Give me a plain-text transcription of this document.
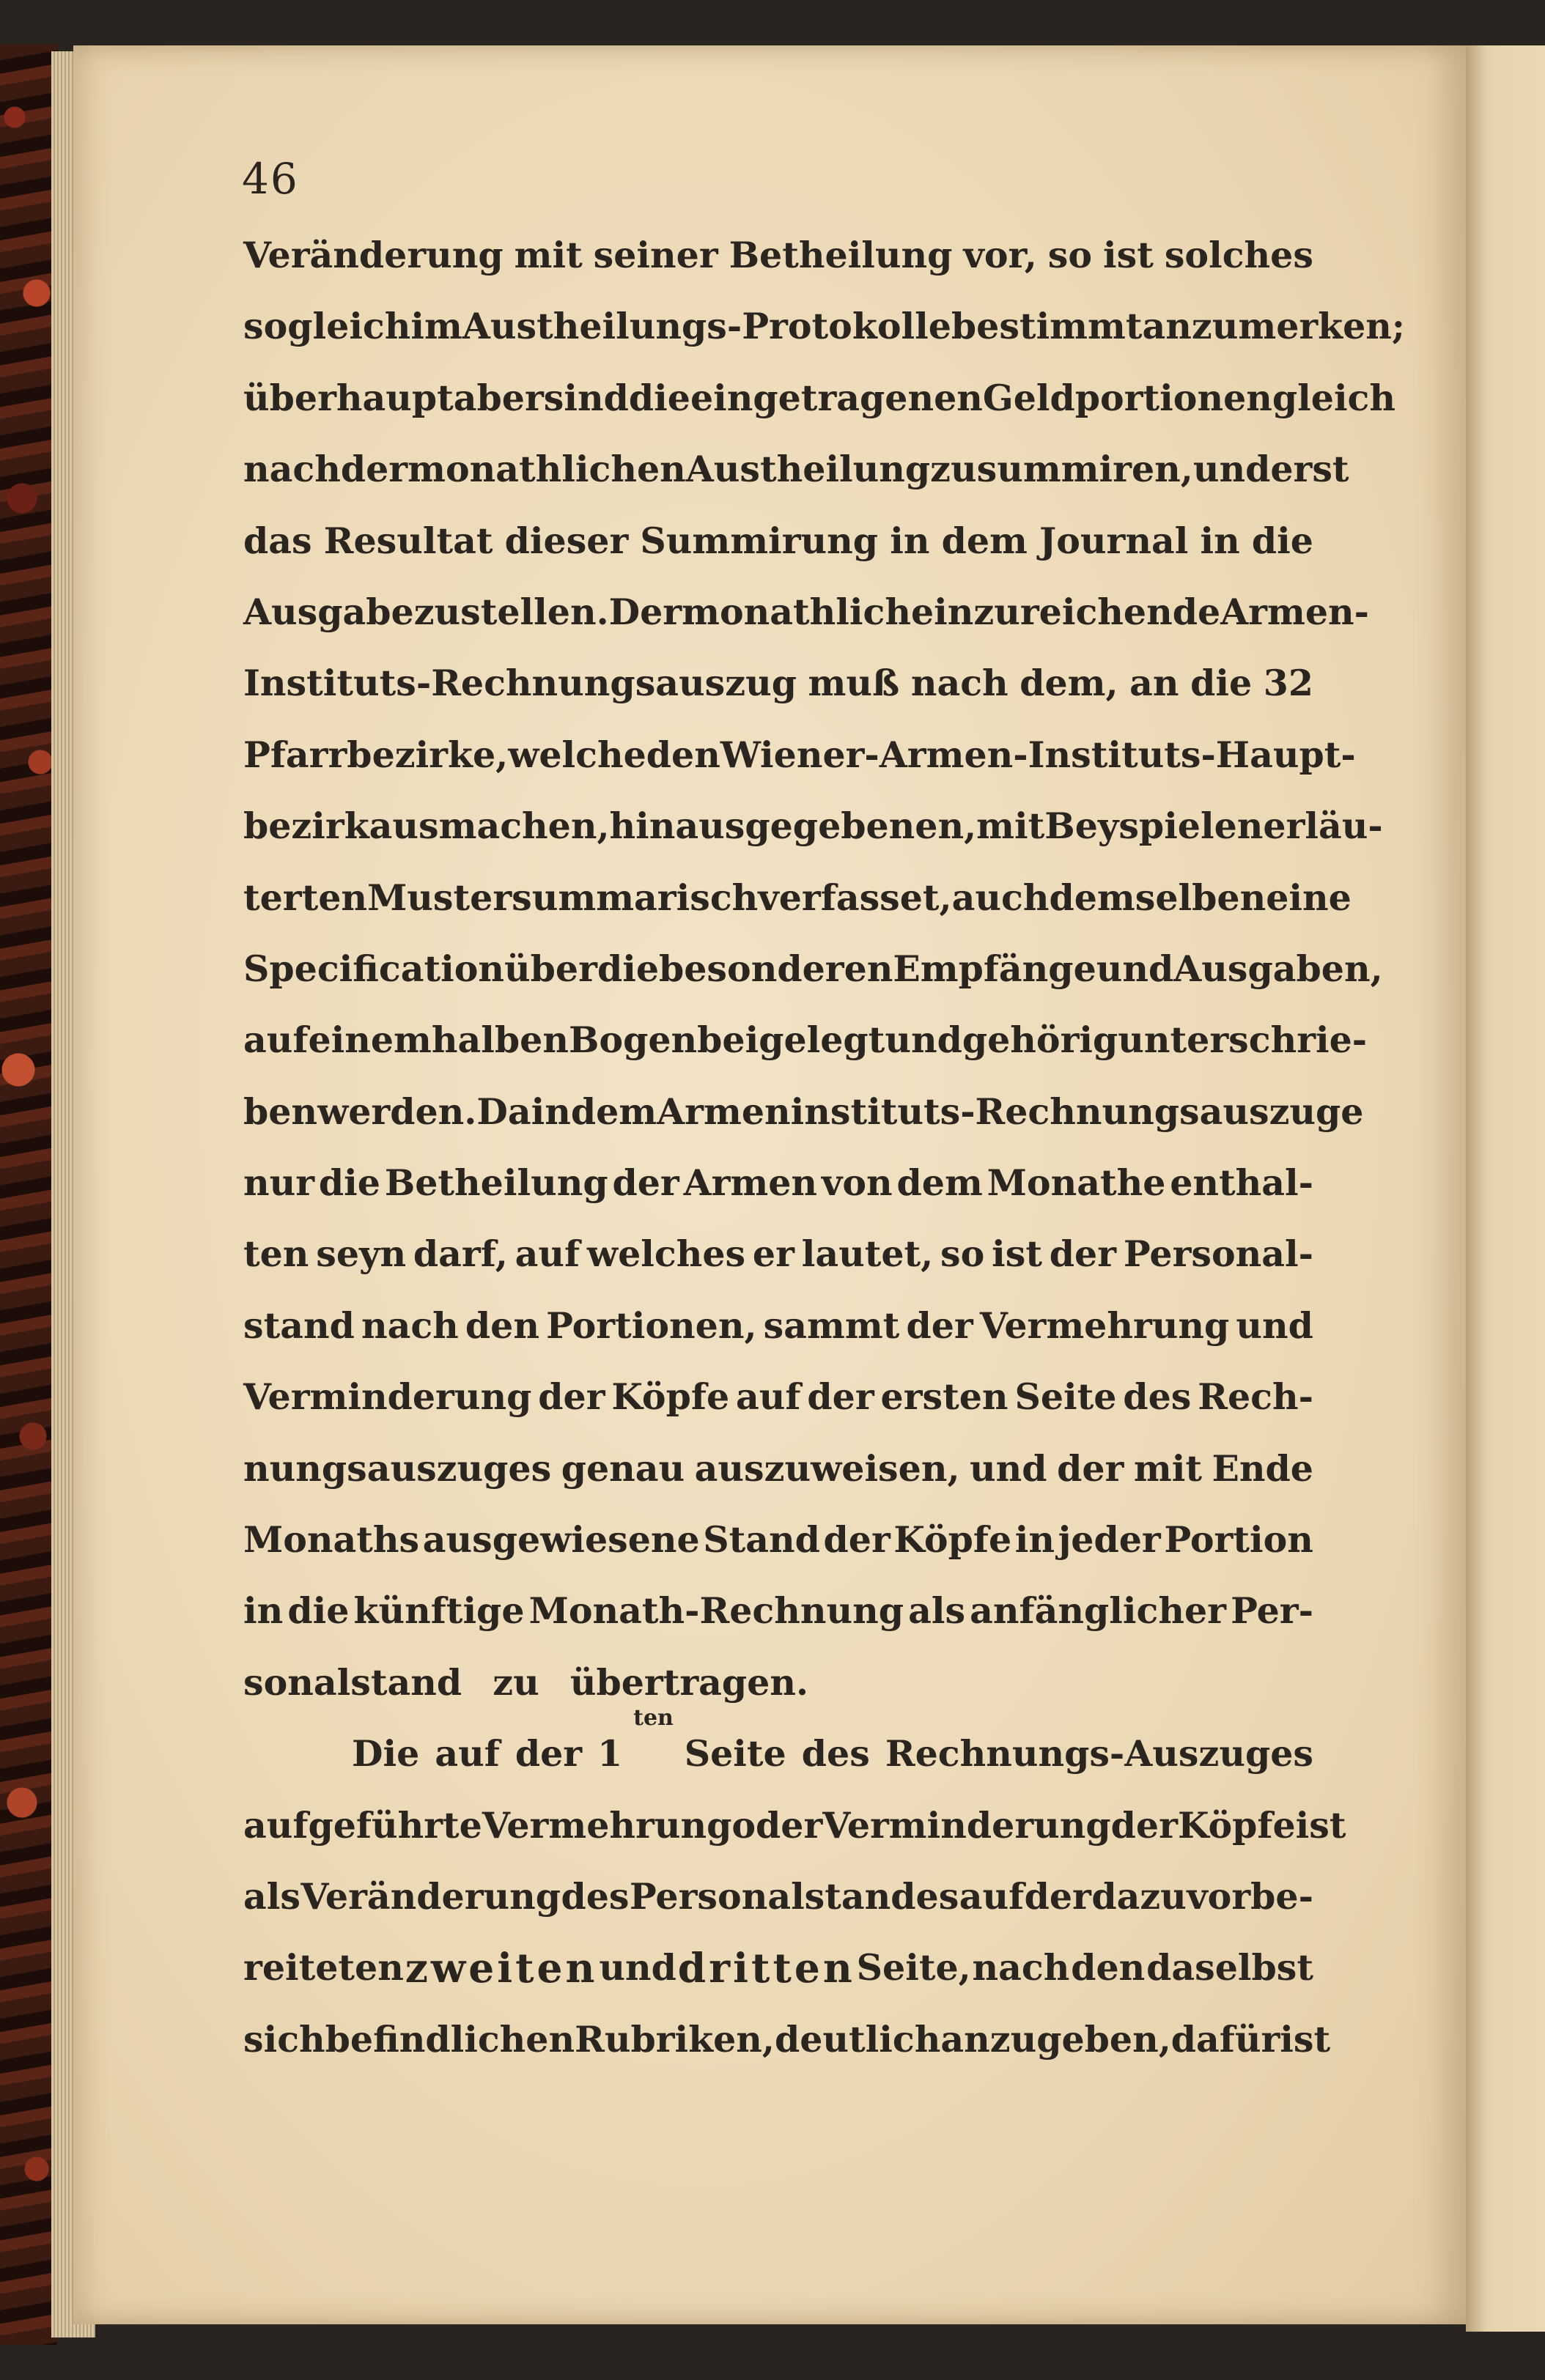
46
Veränderung mit seiner Betheilung vor, so ist solches
sogleich im Austheilungs-Protokolle bestimmt anzumerken;
überhaupt aber sind die eingetragenen Geldportionen gleich
nach der monathlichen Austheilung zu summiren, und erst
das Resultat dieser Summirung in dem Journal in die
Ausgabe zu stellen. Der monathlich einzureichende Armen-
Instituts-Rechnungsauszug muß nach dem, an die 32
Pfarrbezirke, welche den Wiener-Armen-Instituts-Haupt-
bezirk ausmachen, hinausgegebenen, mit Beyspielen erläu-
terten Muster summarisch verfasset, auch demselben eine
Specification über die besonderen Empfänge und Ausgaben,
auf einem halben Bogen beigelegt und gehörig unterschrie-
ben werden. Da in dem Armeninstituts-Rechnungsauszuge
nur die Betheilung der Armen von dem Monathe enthal-
ten seyn darf, auf welches er lautet, so ist der Personal-
stand nach den Portionen, sammt der Vermehrung und
Verminderung der Köpfe auf der ersten Seite des Rech-
nungsauszuges genau auszuweisen, und der mit Ende
Monaths ausgewiesene Stand der Köpfe in jeder Portion
in die künftige Monath-Rechnung als anfänglicher Per-
sonalstand
zu
übertragen.
Die auf der 1
ten
Seite des Rechnungs-Auszuges
aufgeführte Vermehrung oder Verminderung der Köpfe ist
als Veränderung des Personalstandes auf der dazu vorbe-
reiteten zweiten und dritten Seite, nach den daselbst
sich befindlichen Rubriken, deutlich anzugeben, dafür ist
